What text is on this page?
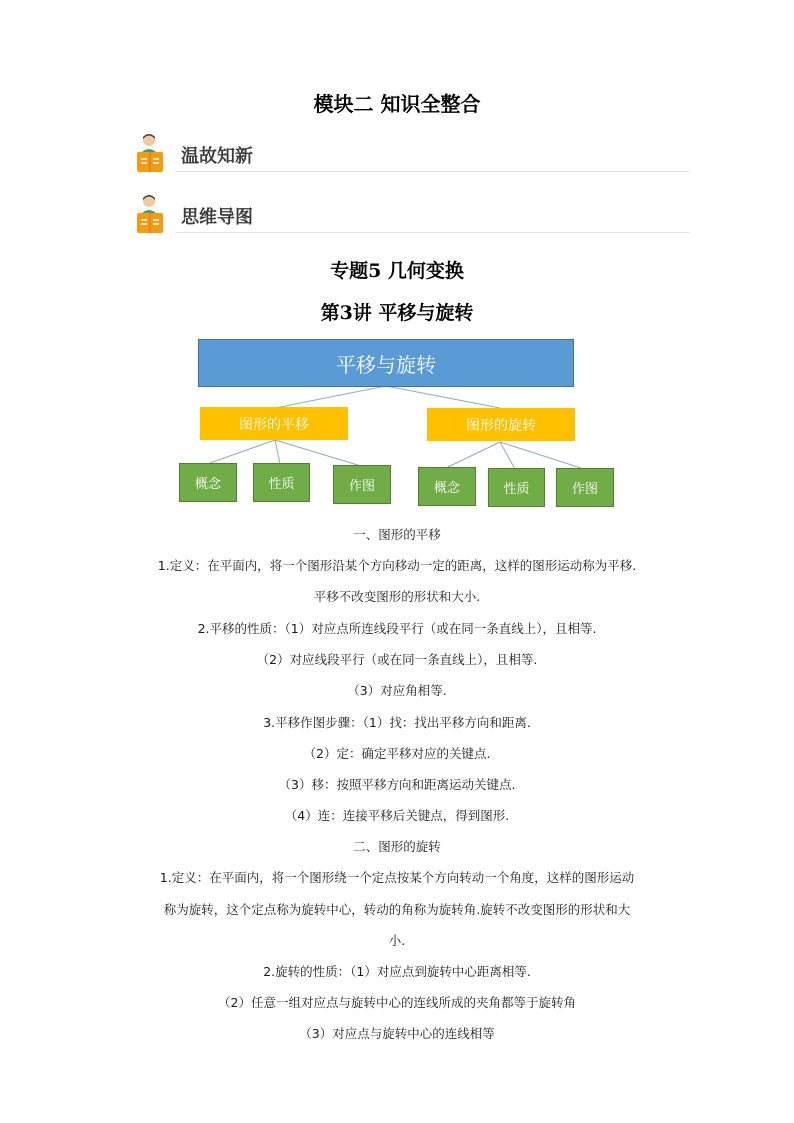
模块二 知识全整合
温故知新
思维导图
专题5 几何变换
第3讲 平移与旋转
平移与旋转
图形的平移	图形的旋转
概念	性质	作图	概念	性质	作图
一、图形的平移
1.定义：在平面内，将一个图形沿某个方向移动一定的距离，这样的图形运动称为平移.
平移不改变图形的形状和大小.
2.平移的性质：（1）对应点所连线段平行（或在同一条直线上），且相等.
（2）对应线段平行（或在同一条直线上），且相等.
（3）对应角相等.
3.平移作图步骤：（1）找：找出平移方向和距离.
（2）定：确定平移对应的关键点.
（3）移：按照平移方向和距离运动关键点.
（4）连：连接平移后关键点，得到图形.
二、图形的旋转
1.定义：在平面内，将一个图形绕一个定点按某个方向转动一个角度，这样的图形运动
称为旋转，这个定点称为旋转中心，转动的角称为旋转角.旋转不改变图形的形状和大
小.
2.旋转的性质：（1）对应点到旋转中心距离相等.
（2）任意一组对应点与旋转中心的连线所成的夹角都等于旋转角
（3）对应点与旋转中心的连线相等
